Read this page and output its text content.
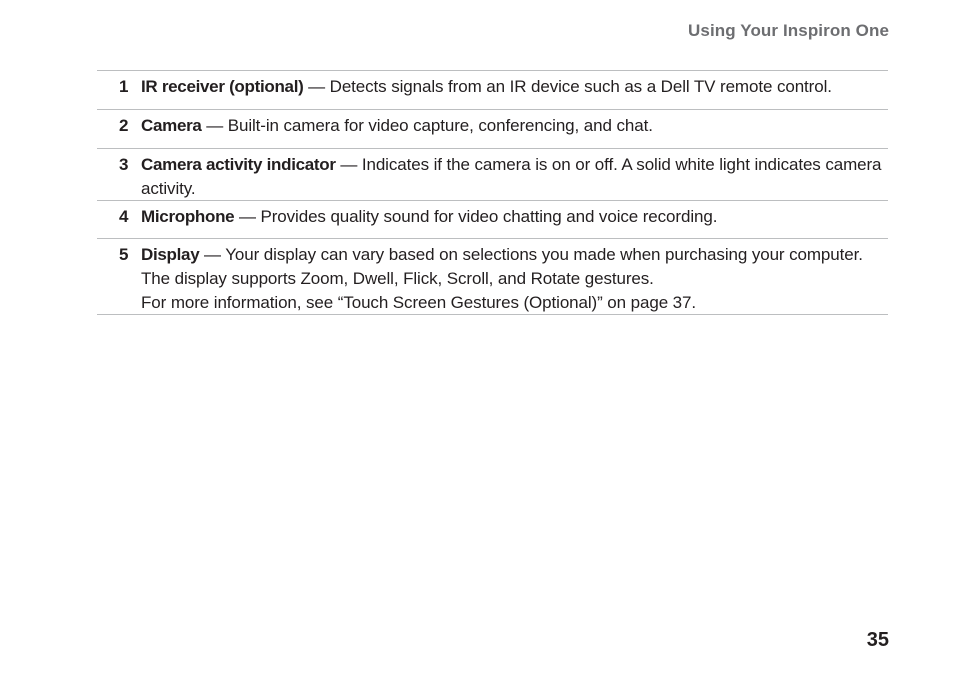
Using Your Inspiron One
1 IR receiver (optional) — Detects signals from an IR device such as a Dell TV remote control.
2 Camera — Built-in camera for video capture, conferencing, and chat.
3 Camera activity indicator — Indicates if the camera is on or off. A solid white light indicates camera activity.
4 Microphone — Provides quality sound for video chatting and voice recording.
5 Display — Your display can vary based on selections you made when purchasing your computer. The display supports Zoom, Dwell, Flick, Scroll, and Rotate gestures.
For more information, see “Touch Screen Gestures (Optional)” on page 37.
35
